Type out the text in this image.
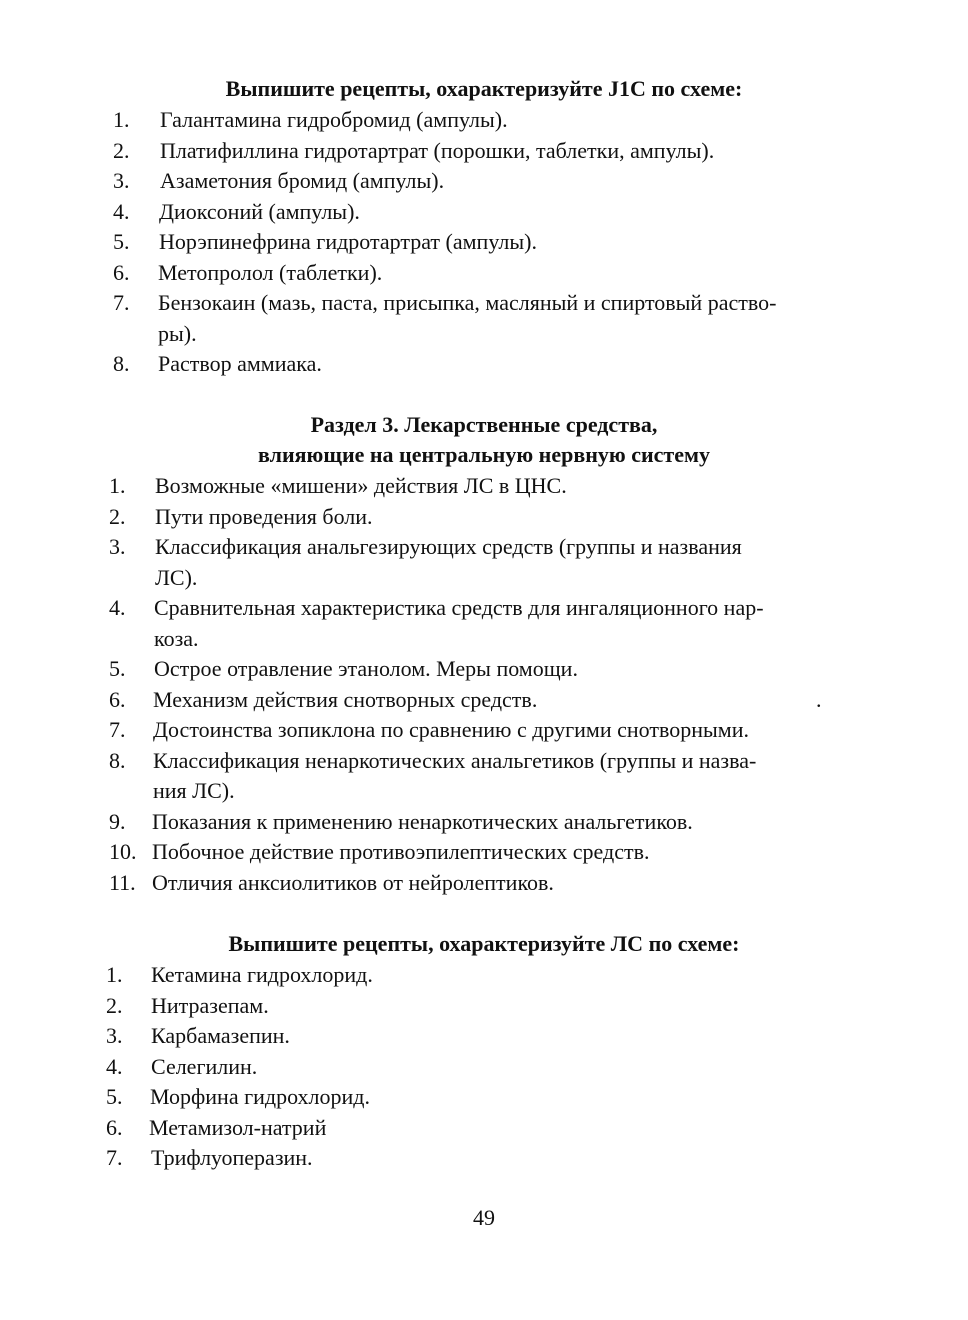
Выпишите рецепты, охарактеризуйте J1C по схеме:
1.	Галантамина гидробромид (ампулы).
2.	Платифиллина гидротартрат (порошки, таблетки, ампулы).
3.	Азаметония бромид (ампулы).
4.	Диоксоний (ампулы).
5.	Норэпинефрина гидротартрат (ампулы).
6.	Метопролол (таблетки).
7.	Бензокаин (мазь, паста, присыпка, масляный и спиртовый раство-
ры).
8.	Раствор аммиака.
Раздел 3. Лекарственные средства,
влияющие на центральную нервную систему
1.	Возможные «мишени» действия ЛС в ЦНС.
2.	Пути проведения боли.
3.	Классификация анальгезирующих средств (группы и названия
ЛС).
4.	Сравнительная характеристика средств для ингаляционного нар-
коза.
5.	Острое отравление этанолом. Меры помощи.
6.	Механизм действия снотворных средств.	.
7.	Достоинства зопиклона по сравнению с другими снотворными.
8.	Классификация ненаркотических анальгетиков (группы и назва-
ния ЛС).
9.	Показания к применению ненаркотических анальгетиков.
10. Побочное действие противоэпилептических средств.
11. Отличия анксиолитиков от нейролептиков.
Выпишите рецепты, охарактеризуйте ЛС по схеме:
1.	Кетамина гидрохлорид.
2.	Нитразепам.
3.	Карбамазепин.
4.	Селегилин.
5.	Морфина гидрохлорид.
6.	Метамизол-натрий
7.	Трифлуоперазин.
49
